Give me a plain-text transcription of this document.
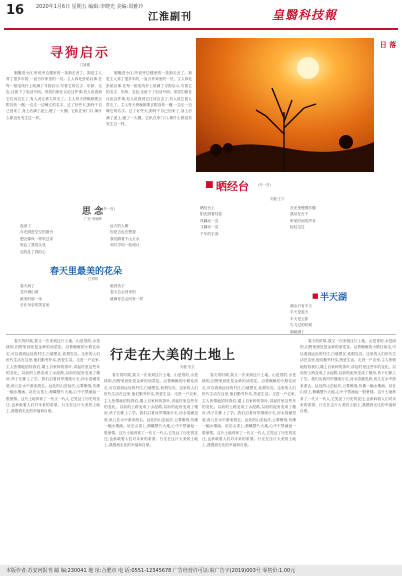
16 2020年1月6日 星期五 编辑:李晓光 美编:周雅玲
江淮副刊	皇翳科技報
寻狗启示
□姚楼
刚搬进小区,听说旁边楼里的一条狗走丢了。狗是主人养了很多年的,一直当作家里的一员。主人四处张贴启事,在每一根电线杆上贴满了寻狗启示,写着它的名字、年龄、毛色,还留下了电话号码。邻居们都在议论这件事,有人说看到它往河边去了,有人说它被人带走了。主人每天傍晚都要去附近转一圈,一边走一边喊它的名字。过了好些天,狗终于自己回来了,身上沾满了泥土,瘦了一大圈。它趴在家门口,像什么都没有发生过一样。
刚搬进小区,听说旁边楼里的一条狗走丢了。狗是主人养了很多年的,一直当作家里的一员。主人四处张贴启事,在每一根电线杆上贴满了寻狗启示,写着它的名字、年龄、毛色,还留下了电话号码。邻居们都在议论这件事,有人说看到它往河边去了,有人说它被人带走了。主人每天傍晚都要去附近转一圈,一边走一边喊它的名字。过了好些天,狗终于自己回来了,身上沾满了泥土,瘦了一大圈。它趴在家门口,像什么都没有发生过一样。
日 落
思 念
(外一首)
广东·李晓晖
夜深了
月光照进空空的窗台
想念像风一样吹过来
吹乱了我的头发
也吹乱了我的心
远方的人啊
你是否也在想我
我们隔着千山万水
却共享同一轮明月
春天里最美的花朵
□李明
春天到了
花开满山坡
最美的那一朵
长在母亲的笑容里
她说孩子
春天总会回来的
就像你总会回家一样
■ 晒经台	(外一首)
安徽·王宇
晒经台上
阳光照着经卷
风翻动一页
又翻动一页
千年的字迹
在光里慢慢苏醒
我站在台下
听见时间的声音
轻轻走过
■ 半天湖
湖水只有半天
半天是蓝天
半天是云影
鸟飞过的时候
湖就满了
春天的时候,我又一次来到这片土地。山是青的,水是绿的,田野里到处是金黄的油菜花。沿着蜿蜒的小路往前走,可以看到远处的村庄,白墙黑瓦,炊烟袅袅。这里的人们世代生活在这里,他们勤劳朴实,热爱生活。走进一户农家,主人热情地招待我们,端上自家种的茶叶,讲起村里这些年的变化。以前的土路变成了水泥路,以前的泥房变成了楼房,孩子们都上了学。我们沿着河岸继续行走,河水清澈见底,鱼儿在水中游来游去。远处的山峦起伏,云雾缭绕,仿佛一幅水墨画。站在山顶上,俯瞰整片大地,心中不禁涌起一股豪情。这片土地养育了一代又一代人,它见证了历史的变迁,也承载着人们对未来的希望。行走在这片大美的土地上,我感到无比的幸福和自豪。
行走在大美的土地上
安徽·朱宏
春天的时候,我又一次来到这片土地。山是青的,水是绿的,田野里到处是金黄的油菜花。沿着蜿蜒的小路往前走,可以看到远处的村庄,白墙黑瓦,炊烟袅袅。这里的人们世代生活在这里,他们勤劳朴实,热爱生活。走进一户农家,主人热情地招待我们,端上自家种的茶叶,讲起村里这些年的变化。以前的土路变成了水泥路,以前的泥房变成了楼房,孩子们都上了学。我们沿着河岸继续行走,河水清澈见底,鱼儿在水中游来游去。远处的山峦起伏,云雾缭绕,仿佛一幅水墨画。站在山顶上,俯瞰整片大地,心中不禁涌起一股豪情。这片土地养育了一代又一代人,它见证了历史的变迁,也承载着人们对未来的希望。行走在这片大美的土地上,我感到无比的幸福和自豪。
春天的时候,我又一次来到这片土地。山是青的,水是绿的,田野里到处是金黄的油菜花。沿着蜿蜒的小路往前走,可以看到远处的村庄,白墙黑瓦,炊烟袅袅。这里的人们世代生活在这里,他们勤劳朴实,热爱生活。走进一户农家,主人热情地招待我们,端上自家种的茶叶,讲起村里这些年的变化。以前的土路变成了水泥路,以前的泥房变成了楼房,孩子们都上了学。我们沿着河岸继续行走,河水清澈见底,鱼儿在水中游来游去。远处的山峦起伏,云雾缭绕,仿佛一幅水墨画。站在山顶上,俯瞰整片大地,心中不禁涌起一股豪情。这片土地养育了一代又一代人,它见证了历史的变迁,也承载着人们对未来的希望。行走在这片大美的土地上,我感到无比的幸福和自豪。
春天的时候,我又一次来到这片土地。山是青的,水是绿的,田野里到处是金黄的油菜花。沿着蜿蜒的小路往前走,可以看到远处的村庄,白墙黑瓦,炊烟袅袅。这里的人们世代生活在这里,他们勤劳朴实,热爱生活。走进一户农家,主人热情地招待我们,端上自家种的茶叶,讲起村里这些年的变化。以前的土路变成了水泥路,以前的泥房变成了楼房,孩子们都上了学。我们沿着河岸继续行走,河水清澈见底,鱼儿在水中游来游去。远处的山峦起伏,云雾缭绕,仿佛一幅水墨画。站在山顶上,俯瞰整片大地,心中不禁涌起一股豪情。这片土地养育了一代又一代人,它见证了历史的变迁,也承载着人们对未来的希望。行走在这片大美的土地上,我感到无比的幸福和自豪。
本版作者:苏安河报刊 邮 编:230041 地 址:合肥市 电 话:0551-12345678 广告经营许可证:皖广告字(2019)003号 零售价:1.00元
